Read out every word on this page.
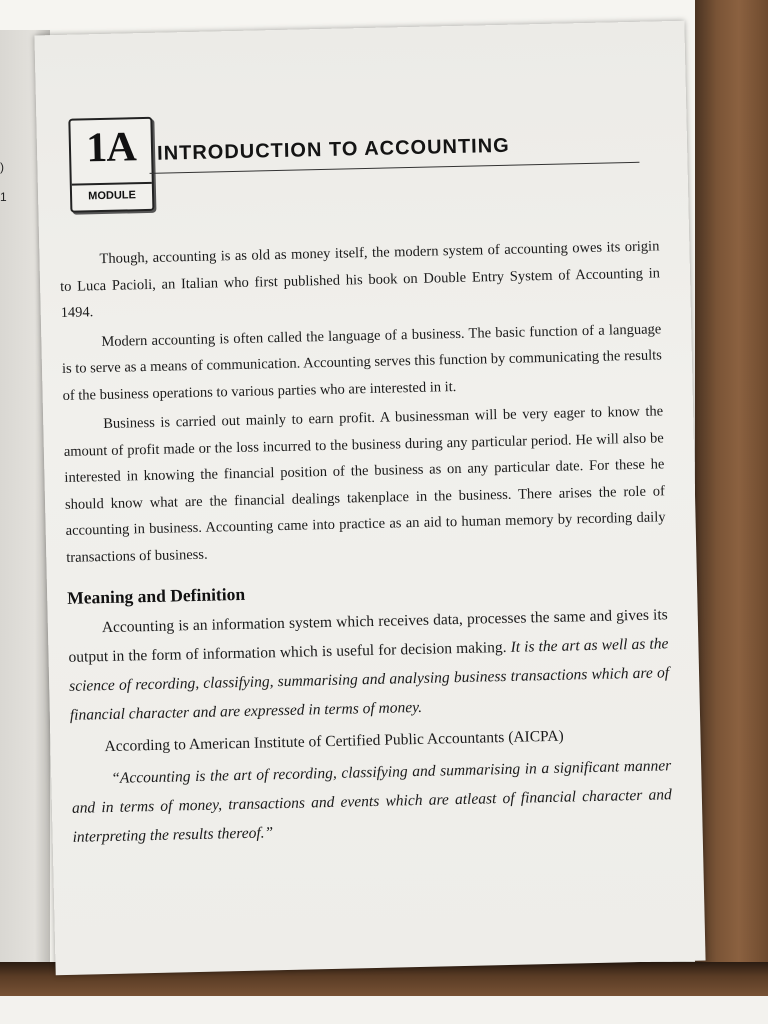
)
1
1A
MODULE
INTRODUCTION TO ACCOUNTING

Though, accounting is as old as money itself, the modern system of accounting owes its origin to Luca Pacioli, an Italian who first published his book on Double Entry System of Accounting in 1494.

Modern accounting is often called the language of a business. The basic function of a language is to serve as a means of communication. Accounting serves this function by communicating the results of the business operations to various parties who are interested in it.

Business is carried out mainly to earn profit. A businessman will be very eager to know the amount of profit made or the loss incurred to the business during any particular period. He will also be interested in knowing the financial position of the business as on any particular date. For these he should know what are the financial dealings takenplace in the business. There arises the role of accounting in business. Accounting came into practice as an aid to human memory by recording daily transactions of business.

Meaning and Definition

Accounting is an information system which receives data, processes the same and gives its output in the form of information which is useful for decision making. It is the art as well as the science of recording, classifying, summarising and analysing business transactions which are of financial character and are expressed in terms of money.

According to American Institute of Certified Public Accountants (AICPA)

“Accounting is the art of recording, classifying and summarising in a significant manner and in terms of money, transactions and events which are atleast of financial character and interpreting the results thereof.”
